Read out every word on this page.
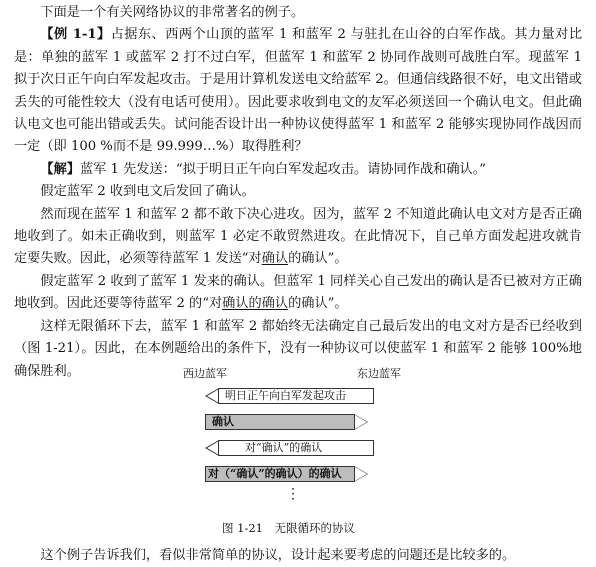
下面是一个有关网络协议的非常著名的例子。

【例 1-1】占据东、西两个山顶的蓝军 1 和蓝军 2 与驻扎在山谷的白军作战。其力量对比是：单独的蓝军 1 或蓝军 2 打不过白军，但蓝军 1 和蓝军 2 协同作战则可战胜白军。现蓝军 1 拟于次日正午向白军发起攻击。于是用计算机发送电文给蓝军 2。但通信线路很不好，电文出错或丢失的可能性较大（没有电话可使用）。因此要求收到电文的友军必须送回一个确认电文。但此确认电文也可能出错或丢失。试问能否设计出一种协议使得蓝军 1 和蓝军 2 能够实现协同作战因而一定（即 100 %而不是 99.999…%）取得胜利？

【解】蓝军 1 先发送：“拟于明日正午向白军发起攻击。请协同作战和确认。”

假定蓝军 2 收到电文后发回了确认。

然而现在蓝军 1 和蓝军 2 都不敢下决心进攻。因为，蓝军 2 不知道此确认电文对方是否正确地收到了。如未正确收到，则蓝军 1 必定不敢贸然进攻。在此情况下，自己单方面发起进攻就肯定要失败。因此，必须等待蓝军 1 发送“对确认的确认”。

假定蓝军 2 收到了蓝军 1 发来的确认。但蓝军 1 同样关心自己发出的确认是否已被对方正确地收到。因此还要等待蓝军 2 的“对确认的确认的确认”。

这样无限循环下去，蓝军 1 和蓝军 2 都始终无法确定自己最后发出的电文对方是否已经收到（图 1-21）。因此，在本例题给出的条件下，没有一种协议可以使蓝军 1 和蓝军 2 能够 100%地确保胜利。	西边蓝军	东边蓝军
明日正午向白军发起攻击
确认
对“确认”的确认
对（“确认”的确认）的确认
⋮
图 1-21　无限循环的协议
这个例子告诉我们，看似非常简单的协议，设计起来要考虑的问题还是比较多的。
